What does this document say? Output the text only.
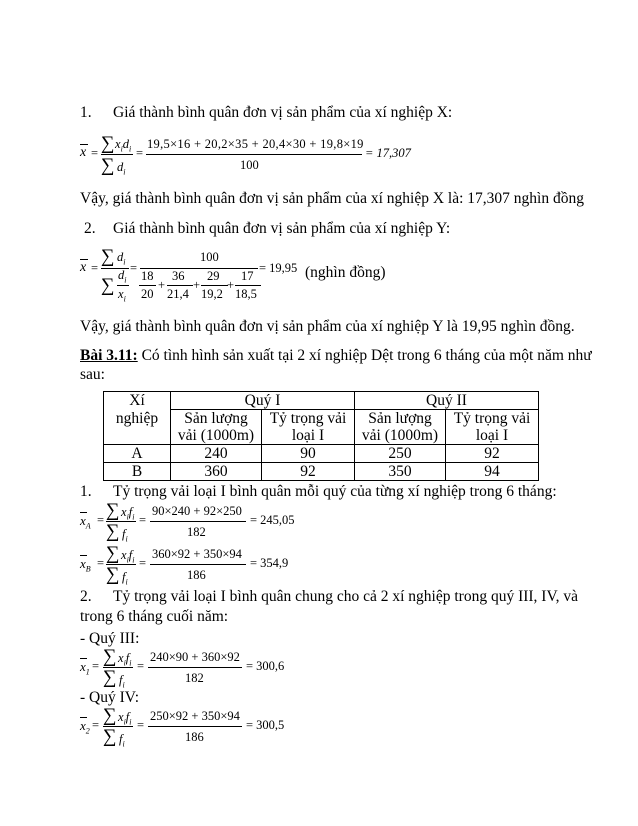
1. Giá thành bình quân đơn vị sản phẩm của xí nghiệp X:
x = ∑ $x_id_i$
∑ $d_i$
=
19,5×16 + 20,2×35 + 20,4×30 + 19,8×19
100
= 17,307
Vậy, giá thành bình quân đơn vị sản phẩm của xí nghiệp X là: 17,307 nghìn đồng
2. Giá thành bình quân đơn vị sản phẩm của xí nghiệp Y:
x =
∑ $d_i$
∑ $d_i$
$x_i$
=
100
18
20
+
36
21,4
+
29
19,2
+
17
18,5
= 19,95 (nghìn đồng)
Vậy, giá thành bình quân đơn vị sản phẩm của xí nghiệp Y là 19,95 nghìn đồng.
Bài 3.11: Có tình hình sản xuất tại 2 xí nghiệp Dệt trong 6 tháng của một năm như
sau:
Xí	Quý I		Quý II	
nghiệp	Sản lượng	Tỷ trọng vải	Sản lượng	Tỷ trọng vải
	vải (1000m)	loại I	vải (1000m)	loại I
A	240	90	250	92
B	360	92	350	94
1. Tỷ trọng vải loại I bình quân mỗi quý của từng xí nghiệp trong 6 tháng:
$x_A$ = ∑ $x_if_i$
∑ $f_i$
=
90×240 + 92×250
182
= 245,05
$x_B$ = ∑ $x_if_i$
∑ $f_i$
=
360×92 + 350×94
186
= 354,9
2. Tỷ trọng vải loại I bình quân chung cho cả 2 xí nghiệp trong quý III, IV, và
trong 6 tháng cuối năm:
- Quý III:
$x_1$ = ∑ $x_if_i$
∑ $f_i$
=
240×90 + 360×92
182
= 300,6
- Quý IV:
$x_2$ = ∑ $x_if_i$
∑ $f_i$
=
250×92 + 350×94
186
= 300,5
